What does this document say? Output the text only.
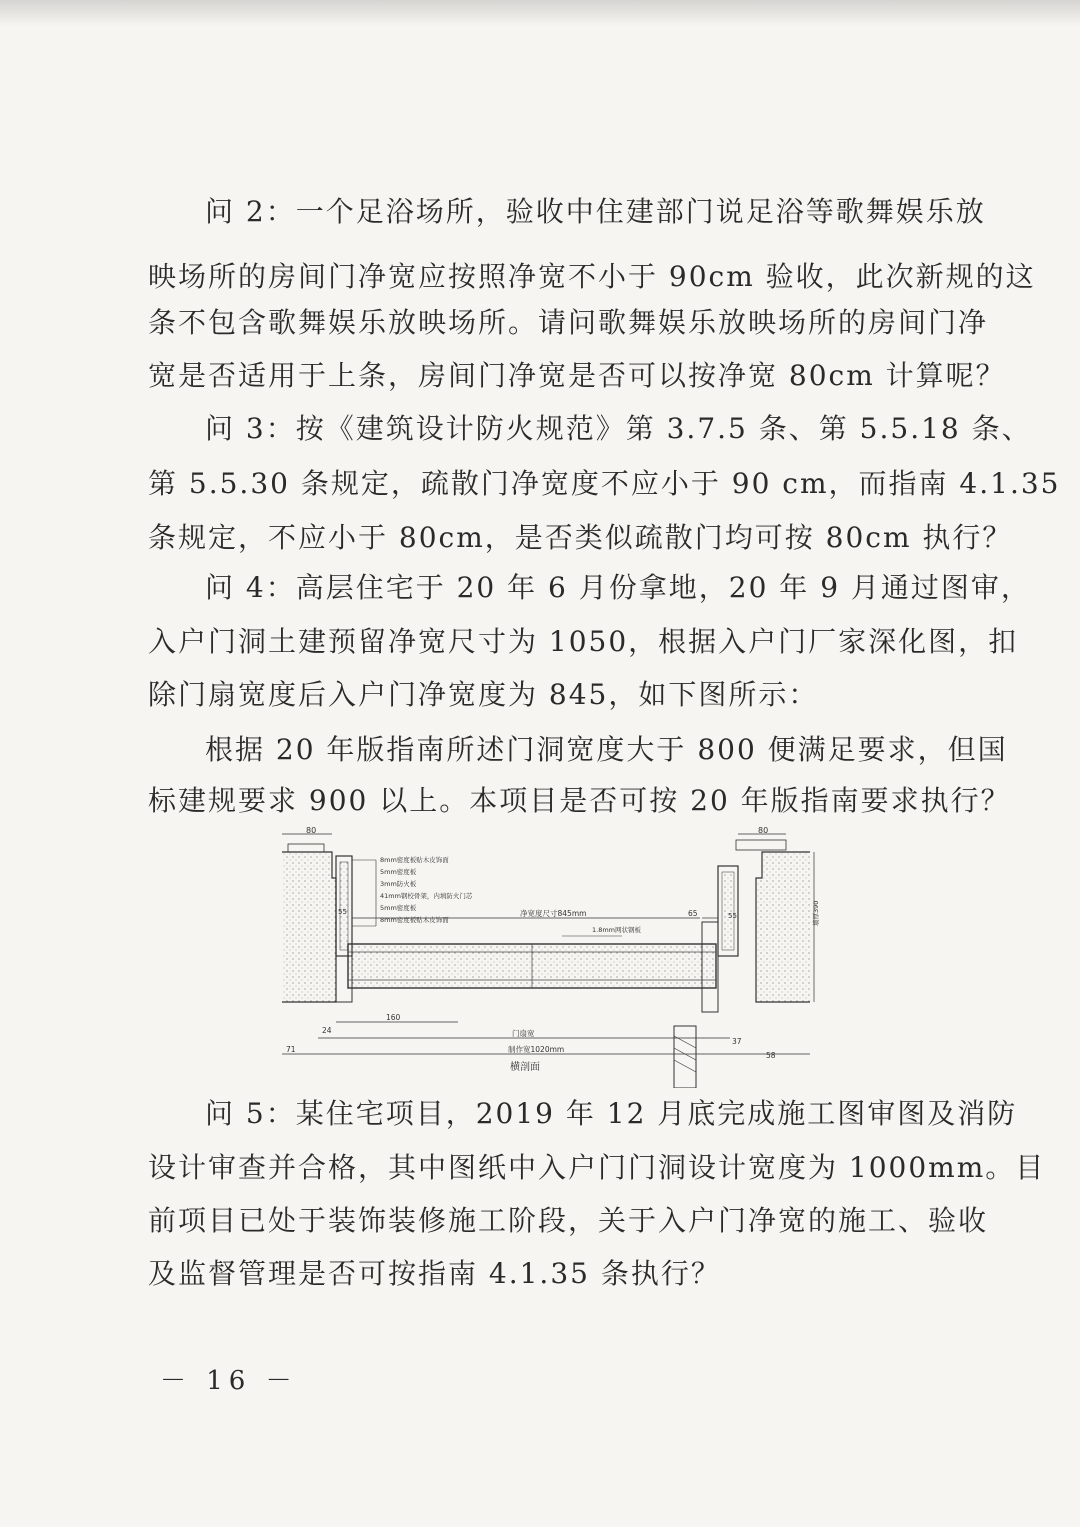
问 2：一个足浴场所，验收中住建部门说足浴等歌舞娱乐放
映场所的房间门净宽应按照净宽不小于 90cm 验收，此次新规的这
条不包含歌舞娱乐放映场所。请问歌舞娱乐放映场所的房间门净
宽是否适用于上条，房间门净宽是否可以按净宽 80cm 计算呢？
问 3：按《建筑设计防火规范》第 3.7.5 条、第 5.5.18 条、
第 5.5.30 条规定，疏散门净宽度不应小于 90 cm，而指南 4.1.35
条规定，不应小于 80cm，是否类似疏散门均可按 80cm 执行？
问 4：高层住宅于 20 年 6 月份拿地，20 年 9 月通过图审，
入户门洞土建预留净宽尺寸为 1050，根据入户门厂家深化图，扣
除门扇宽度后入户门净宽度为 845，如下图所示：
根据 20 年版指南所述门洞宽度大于 800 便满足要求，但国
标建规要求 900 以上。本项目是否可按 20 年版指南要求执行？
80	80
8mm密度板贴木皮饰面
5mm密度板
3mm防火板
41mm钢校骨架，内填防火门芯
5mm密度板
8mm密度板贴木皮饰面
净宽度尺寸845mm	65
55	55
1.8mm网状钢板
墙厚390
24
160
门扇宽
71	制作宽1020mm
37
58
横剖面
问 5：某住宅项目，2019 年 12 月底完成施工图审图及消防
设计审查并合格，其中图纸中入户门门洞设计宽度为 1000mm。目
前项目已处于装饰装修施工阶段，关于入户门净宽的施工、验收
及监督管理是否可按指南 4.1.35 条执行？
－ 16 －
